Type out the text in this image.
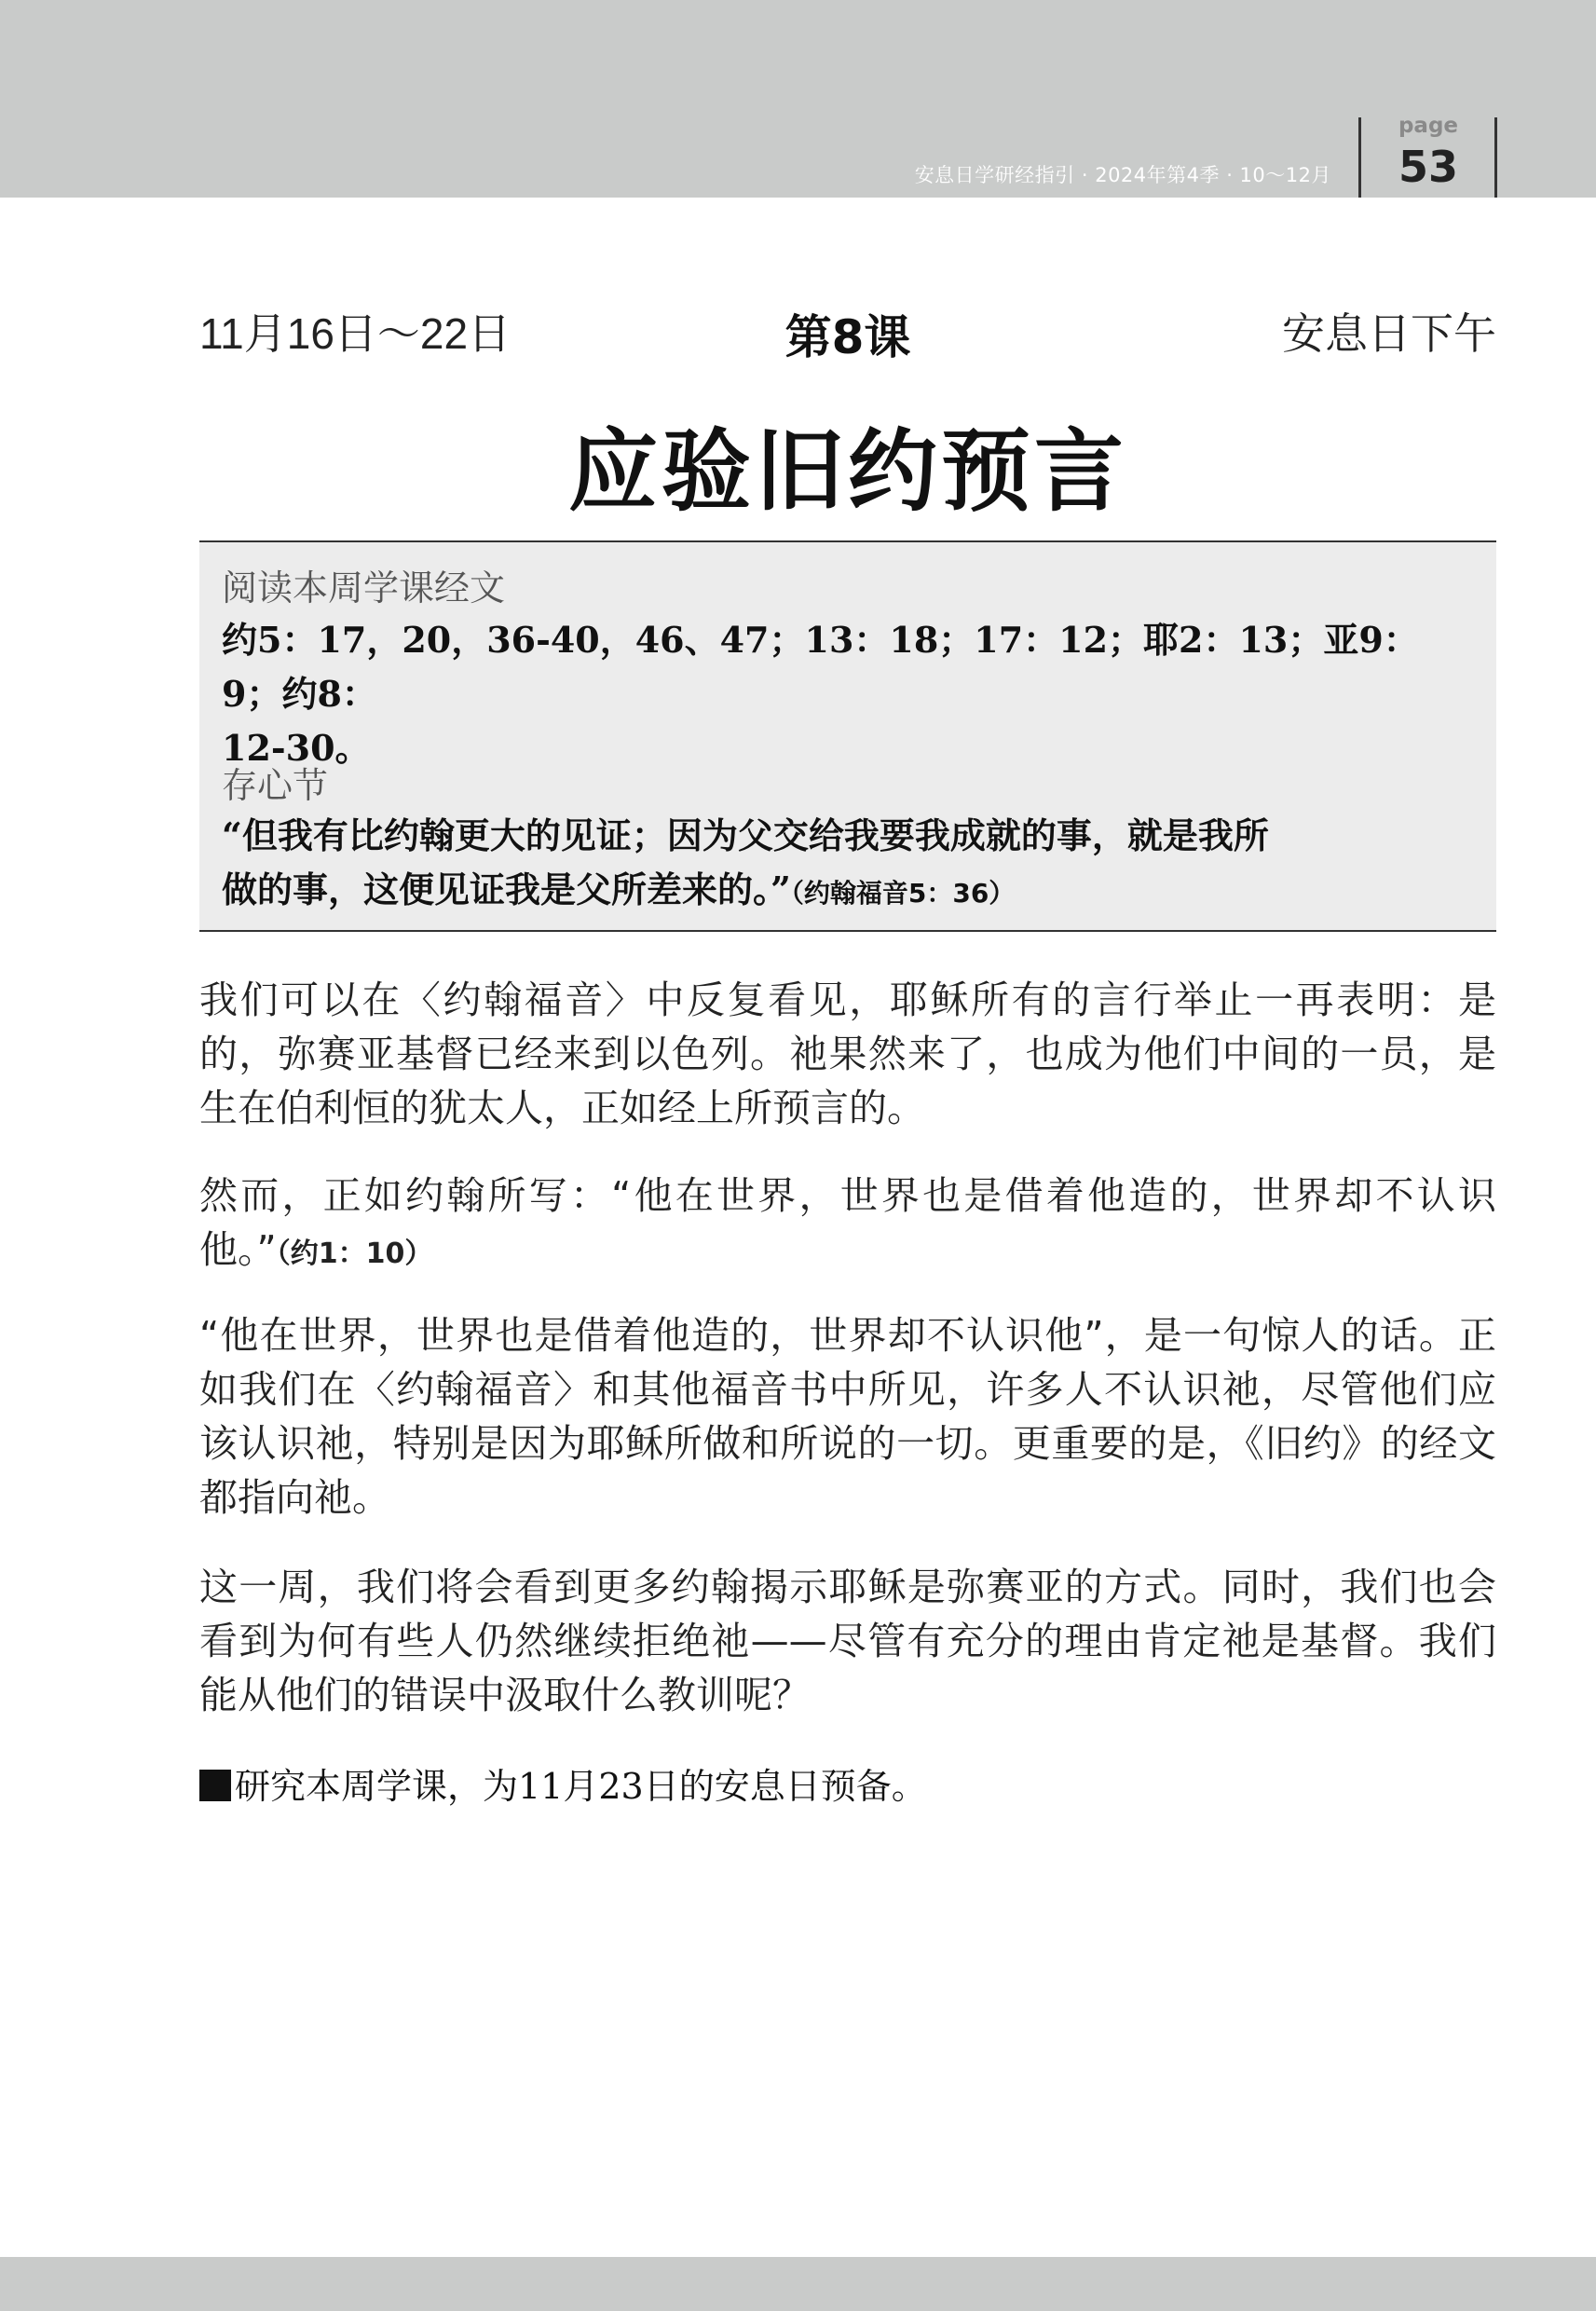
安息日学研经指引 · 2024年第4季 · 10～12月
page
53
11月16日～22日	第8课	安息日下午
应验旧约预言
阅读本周学课经文
约5：17，20，36-40，46、47；13：18；17：12；耶2：13；亚9：9；约8：
12-30。
存心节
“但我有比约翰更大的见证；因为父交给我要我成就的事，就是我所
做的事，这便见证我是父所差来的。”（约翰福音5：36）
我们可以在〈约翰福音〉中反复看见，耶稣所有的言行举止一再表明：是的，弥赛亚基督已经来到以色列。祂果然来了，也成为他们中间的一员，是生在伯利恒的犹太人，正如经上所预言的。
然而，正如约翰所写：“他在世界，世界也是借着他造的，世界却不认识他。”（约1：10）
“他在世界，世界也是借着他造的，世界却不认识他”，是一句惊人的话。正如我们在〈约翰福音〉和其他福音书中所见，许多人不认识祂，尽管他们应该认识祂，特别是因为耶稣所做和所说的一切。更重要的是，《旧约》的经文都指向祂。
这一周，我们将会看到更多约翰揭示耶稣是弥赛亚的方式。同时，我们也会看到为何有些人仍然继续拒绝祂——尽管有充分的理由肯定祂是基督。我们能从他们的错误中汲取什么教训呢？
研究本周学课，为11月23日的安息日预备。
